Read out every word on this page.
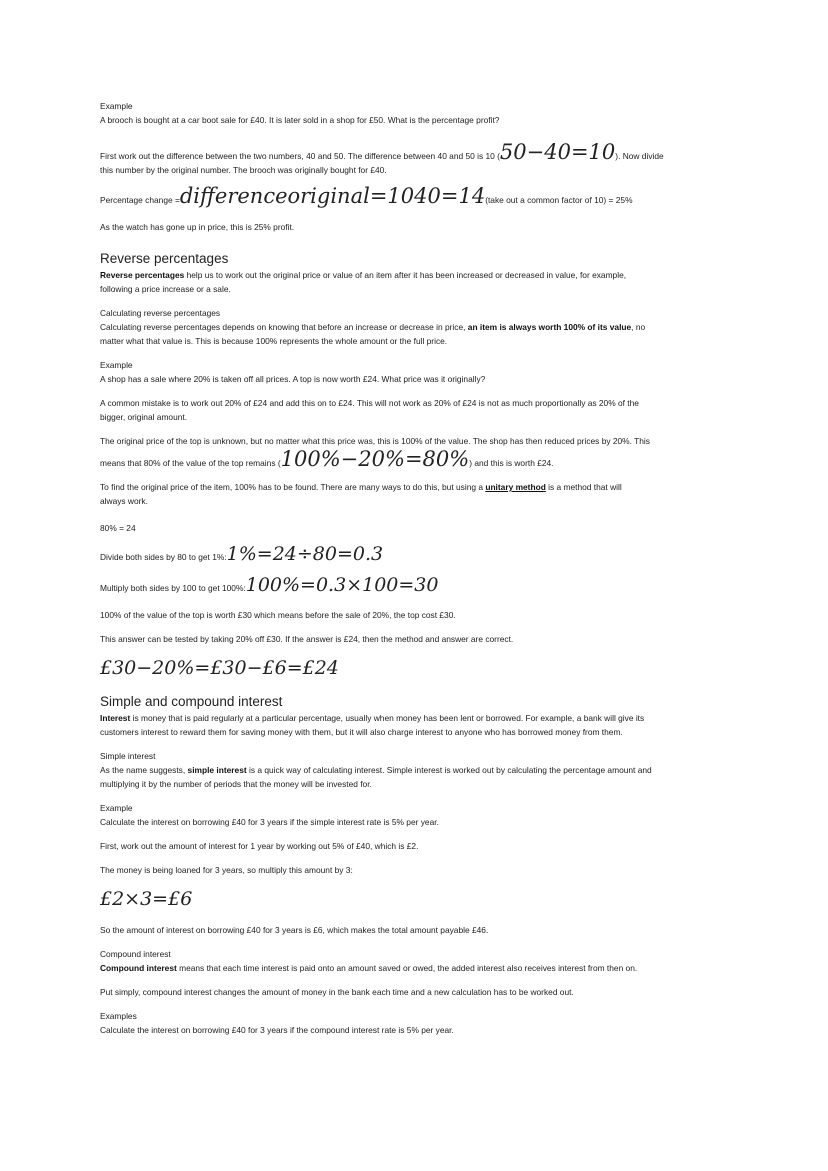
Example

A brooch is bought at a car boot sale for £40. It is later sold in a shop for £50. What is the percentage profit?

First work out the difference between the two numbers, 40 and 50. The difference between 40 and 50 is 10 ( 50−40=10 ). Now divide

this number by the original number. The brooch was originally bought for £40.

Percentage change = differenceoriginal=1040=14 (take out a common factor of 10) = 25%

As the watch has gone up in price, this is 25% profit.

Reverse percentages

Reverse percentages help us to work out the original price or value of an item after it has been increased or decreased in value, for example,

following a price increase or a sale.

Calculating reverse percentages

Calculating reverse percentages depends on knowing that before an increase or decrease in price, an item is always worth 100% of its value, no

matter what that value is. This is because 100% represents the whole amount or the full price.

Example

A shop has a sale where 20% is taken off all prices. A top is now worth £24. What price was it originally?

A common mistake is to work out 20% of £24 and add this on to £24. This will not work as 20% of £24 is not as much proportionally as 20% of the

bigger, original amount.

The original price of the top is unknown, but no matter what this price was, this is 100% of the value. The shop has then reduced prices by 20%. This

means that 80% of the value of the top remains ( 100%−20%=80% ) and this is worth £24.

To find the original price of the item, 100% has to be found. There are many ways to do this, but using a unitary method is a method that will

always work.

80% = 24

Divide both sides by 80 to get 1%: 1%=24÷80=0.3

Multiply both sides by 100 to get 100%: 100%=0.3×100=30

100% of the value of the top is worth £30 which means before the sale of 20%, the top cost £30.

This answer can be tested by taking 20% off £30. If the answer is £24, then the method and answer are correct.

£30−20%=£30−£6=£24

Simple and compound interest

Interest is money that is paid regularly at a particular percentage, usually when money has been lent or borrowed. For example, a bank will give its

customers interest to reward them for saving money with them, but it will also charge interest to anyone who has borrowed money from them.

Simple interest

As the name suggests, simple interest is a quick way of calculating interest. Simple interest is worked out by calculating the percentage amount and

multiplying it by the number of periods that the money will be invested for.

Example

Calculate the interest on borrowing £40 for 3 years if the simple interest rate is 5% per year.

First, work out the amount of interest for 1 year by working out 5% of £40, which is £2.

The money is being loaned for 3 years, so multiply this amount by 3:

£2×3=£6

So the amount of interest on borrowing £40 for 3 years is £6, which makes the total amount payable £46.

Compound interest

Compound interest means that each time interest is paid onto an amount saved or owed, the added interest also receives interest from then on.

Put simply, compound interest changes the amount of money in the bank each time and a new calculation has to be worked out.

Examples

Calculate the interest on borrowing £40 for 3 years if the compound interest rate is 5% per year.
